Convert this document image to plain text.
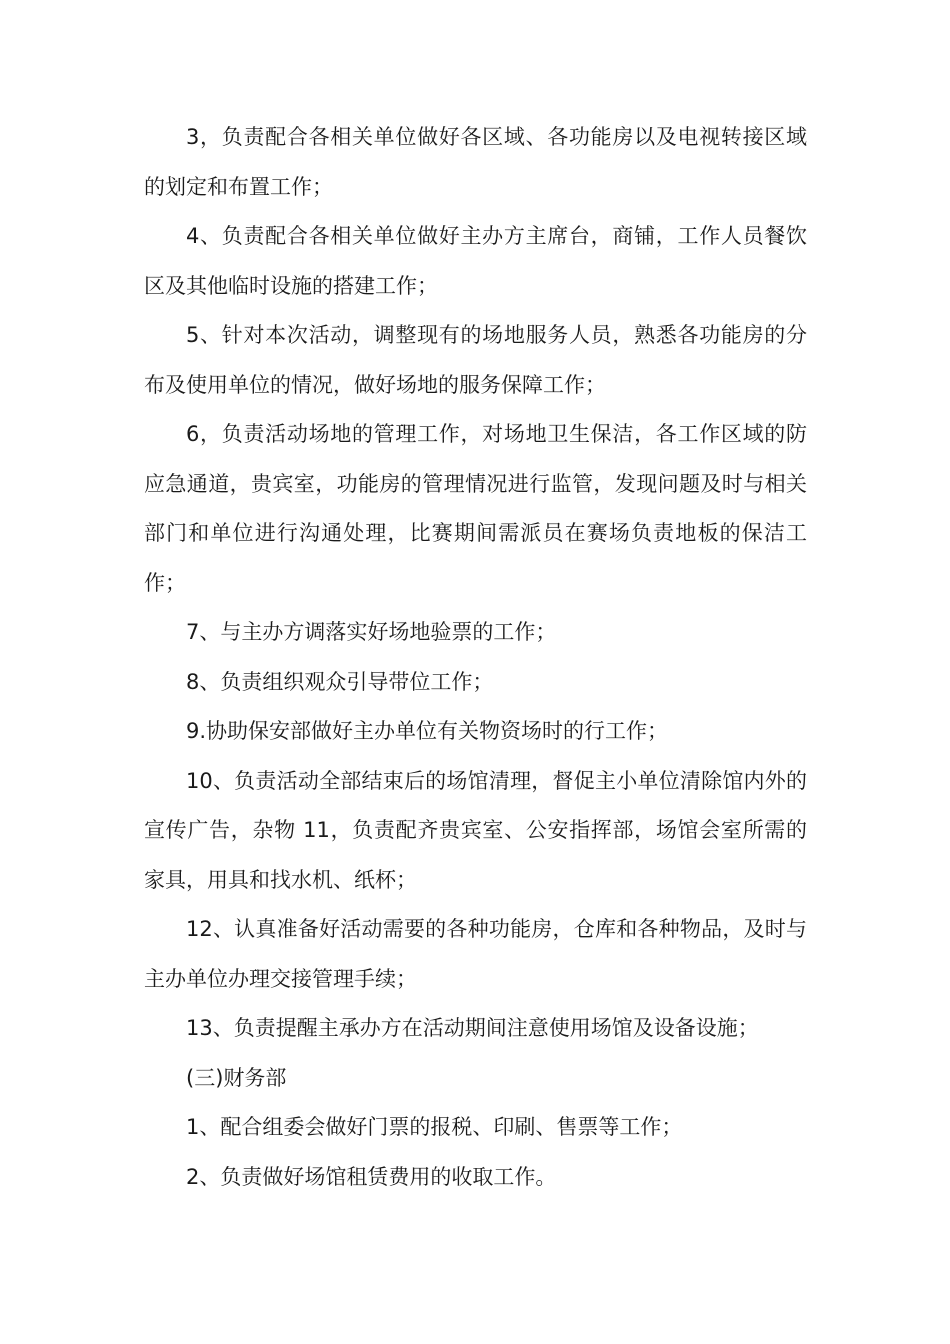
3，负责配合各相关单位做好各区域、各功能房以及电视转接区域的划定和布置工作；

4、负责配合各相关单位做好主办方主席台，商铺，工作人员餐饮区及其他临时设施的搭建工作；

5、针对本次活动，调整现有的场地服务人员，熟悉各功能房的分布及使用单位的情况，做好场地的服务保障工作；

6，负责活动场地的管理工作，对场地卫生保洁，各工作区域的防应急通道，贵宾室，功能房的管理情况进行监管，发现问题及时与相关部门和单位进行沟通处理，比赛期间需派员在赛场负责地板的保洁工作；

7、与主办方调落实好场地验票的工作；

8、负责组织观众引导带位工作；

9.协助保安部做好主办单位有关物资场时的行工作；

10、负责活动全部结束后的场馆清理，督促主小单位清除馆内外的宣传广告，杂物 11，负责配齐贵宾室、公安指挥部，场馆会室所需的家具，用具和找水机、纸杯；

12、认真准备好活动需要的各种功能房，仓库和各种物品，及时与主办单位办理交接管理手续；

13、负责提醒主承办方在活动期间注意使用场馆及设备设施；

(三)财务部

1、配合组委会做好门票的报税、印刷、售票等工作；

2、负责做好场馆租赁费用的收取工作。
